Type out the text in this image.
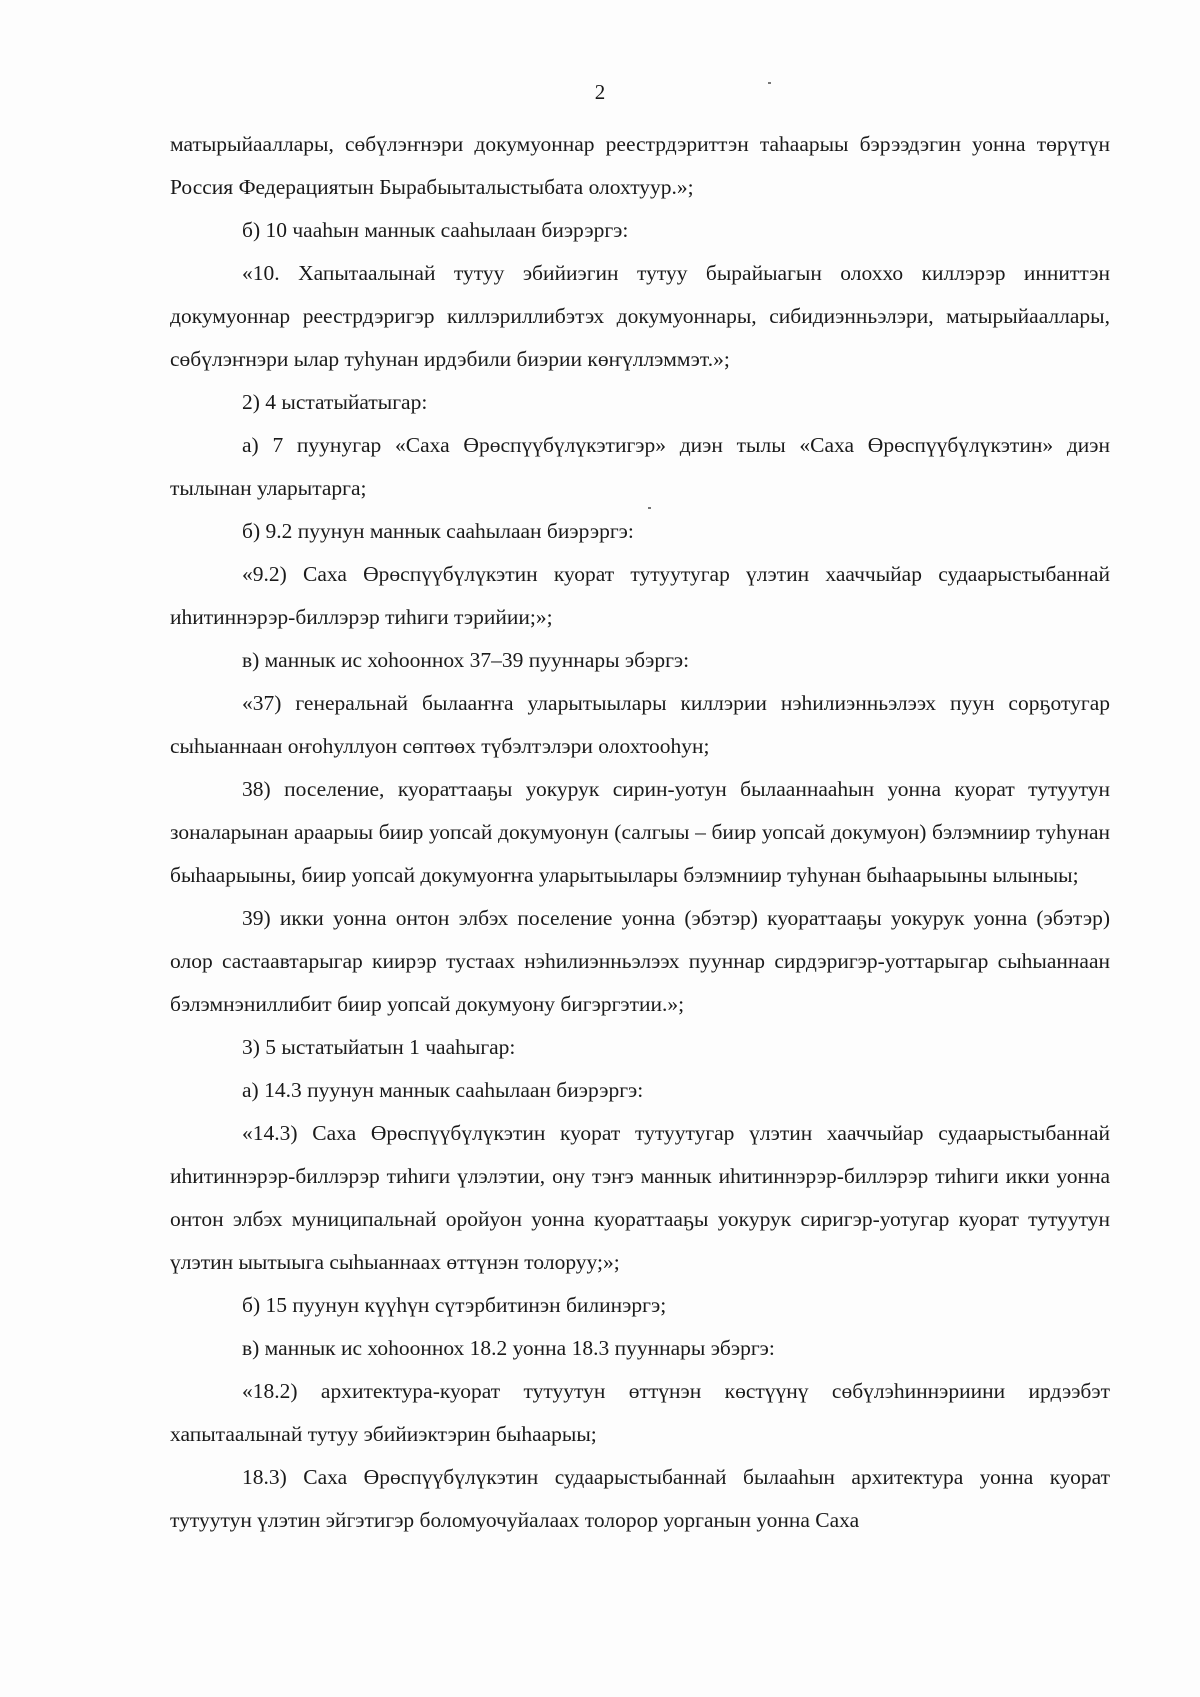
2

матырыйааллары, сөбүлэҥнэри докумуоннар реестрдэриттэн таһаарыы бэрээдэгин уонна төрүтүн Россия Федерациятын Бырабыыталыстыбата олохтуур.»;

б) 10 чааһын маннык сааһылаан биэрэргэ:

«10. Хапытаалынай тутуу эбийиэгин тутуу бырайыагын олоххо киллэрэр инниттэн докумуоннар реестрдэригэр киллэриллибэтэх докумуоннары, сибидиэнньэлэри, матырыйааллары, сөбүлэҥнэри ылар туһунан ирдэбили биэрии көҥүллэммэт.»;

2) 4 ыстатыйатыгар:

а) 7 пуунугар «Саха Өрөспүүбүлүкэтигэр» диэн тылы «Саха Өрөспүүбүлүкэтин» диэн тылынан уларытарга;

б) 9.2 пуунун маннык сааһылаан биэрэргэ:

«9.2) Саха Өрөспүүбүлүкэтин куорат тутуутугар үлэтин хааччыйар судаарыстыбаннай иһитиннэрэр-биллэрэр тиһиги тэрийии;»;

в) маннык ис хоһооннох 37–39 пууннары эбэргэ:

«37) генеральнай былааҥҥа уларытыылары киллэрии нэһилиэнньэлээх пуун сорҕотугар сыһыаннаан оҥоһуллуон сөптөөх түбэлтэлэри олохтооһун;

38) поселение, куораттааҕы уокурук сирин-уотун былааннааһын уонна куорат тутуутун зоналарынан араарыы биир уопсай докумуонун (салгыы – биир уопсай докумуон) бэлэмниир туһунан быһаарыыны, биир уопсай докумуоҥҥа уларытыылары бэлэмниир туһунан быһаарыыны ылыныы;

39) икки уонна онтон элбэх поселение уонна (эбэтэр) куораттааҕы уокурук уонна (эбэтэр) олор састаавтарыгар киирэр тустаах нэһилиэнньэлээх пууннар сирдэригэр-уоттарыгар сыһыаннаан бэлэмнэниллибит биир уопсай докумуону бигэргэтии.»;

3) 5 ыстатыйатын 1 чааһыгар:

а) 14.3 пуунун маннык сааһылаан биэрэргэ:

«14.3) Саха Өрөспүүбүлүкэтин куорат тутуутугар үлэтин хааччыйар судаарыстыбаннай иһитиннэрэр-биллэрэр тиһиги үлэлэтии, ону тэҥэ маннык иһитиннэрэр-биллэрэр тиһиги икки уонна онтон элбэх муниципальнай оройуон уонна куораттааҕы уокурук сиригэр-уотугар куорат тутуутун үлэтин ыытыыга сыһыаннаах өттүнэн толоруу;»;

б) 15 пуунун күүһүн сүтэрбитинэн билинэргэ;

в) маннык ис хоһооннох 18.2 уонна 18.3 пууннары эбэргэ:

«18.2) архитектура-куорат тутуутун өттүнэн көстүүнү сөбүлэһиннэриини ирдээбэт хапытаалынай тутуу эбийиэктэрин быһаарыы;

18.3) Саха Өрөспүүбүлүкэтин судаарыстыбаннай былааһын архитектура уонна куорат тутуутун үлэтин эйгэтигэр боломуочуйалаах толорор уорганын уонна Саха
